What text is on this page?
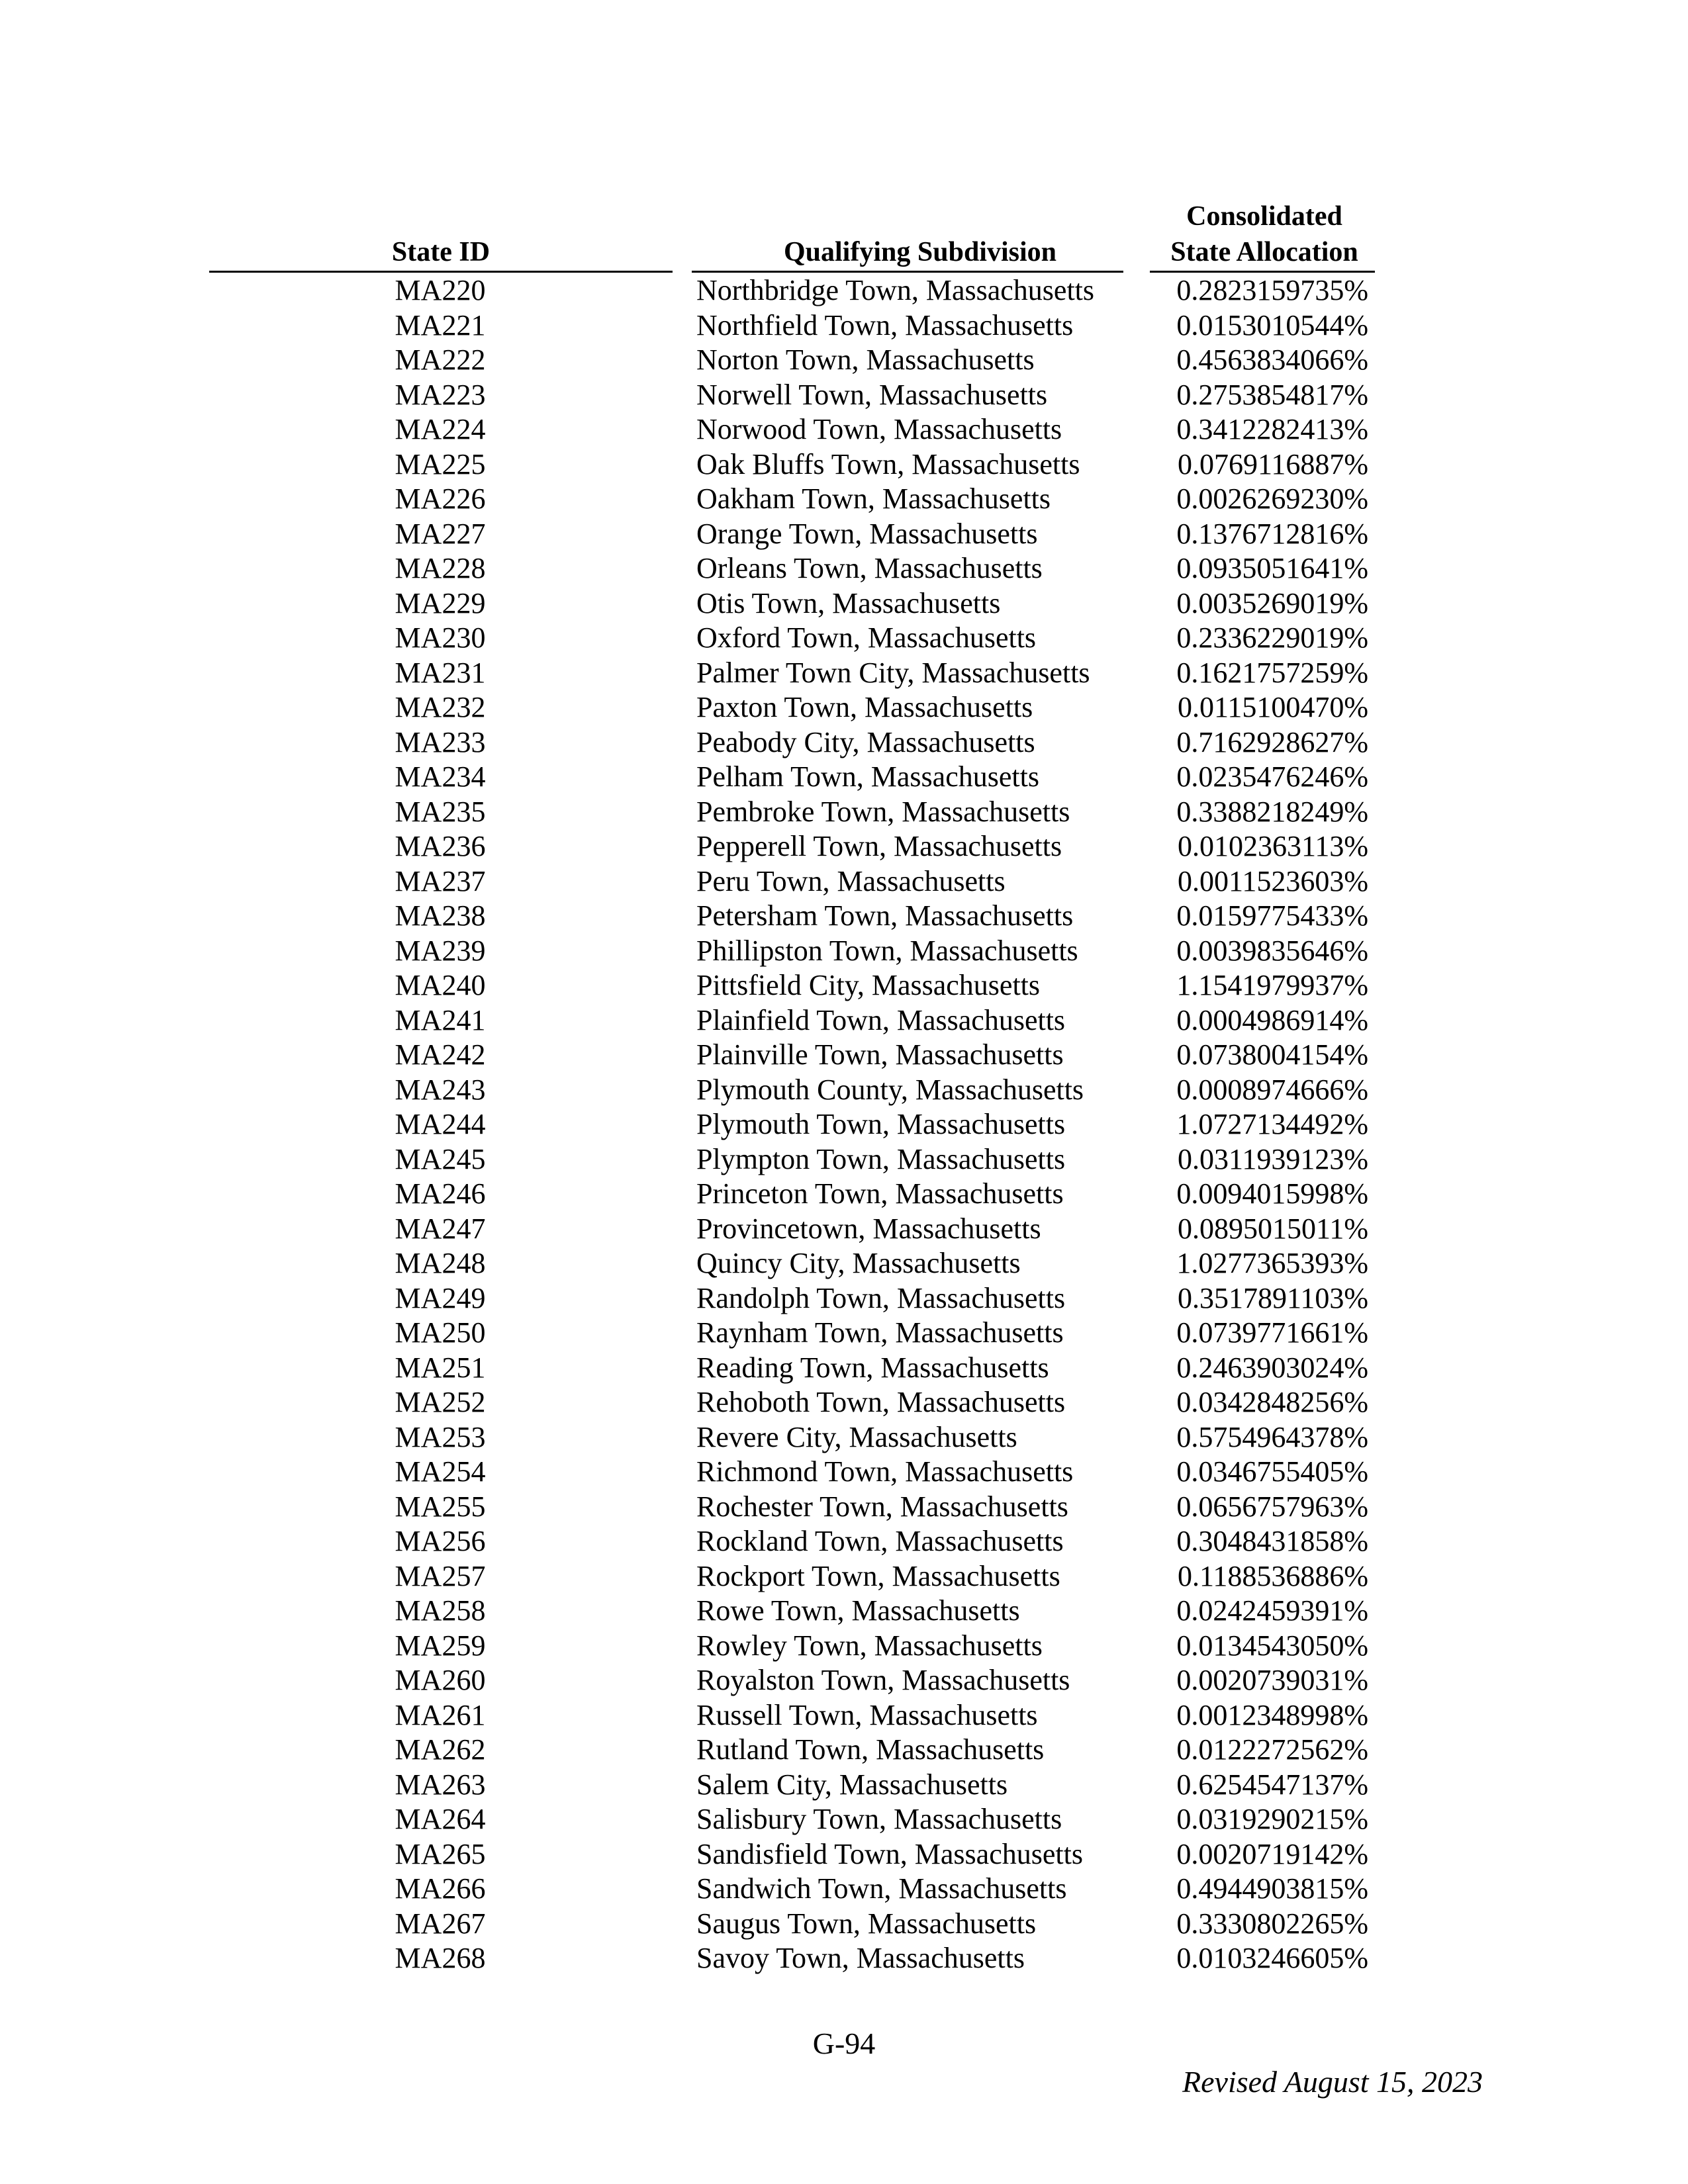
State ID	Qualifying Subdivision
Consolidated
State Allocation
MA220	Northbridge Town, Massachusetts	0.2823159735%
MA221	Northfield Town, Massachusetts	0.0153010544%
MA222	Norton Town, Massachusetts	0.4563834066%
MA223	Norwell Town, Massachusetts	0.2753854817%
MA224	Norwood Town, Massachusetts	0.3412282413%
MA225	Oak Bluffs Town, Massachusetts	0.0769116887%
MA226	Oakham Town, Massachusetts	0.0026269230%
MA227	Orange Town, Massachusetts	0.1376712816%
MA228	Orleans Town, Massachusetts	0.0935051641%
MA229	Otis Town, Massachusetts	0.0035269019%
MA230	Oxford Town, Massachusetts	0.2336229019%
MA231	Palmer Town City, Massachusetts	0.1621757259%
MA232	Paxton Town, Massachusetts	0.0115100470%
MA233	Peabody City, Massachusetts	0.7162928627%
MA234	Pelham Town, Massachusetts	0.0235476246%
MA235	Pembroke Town, Massachusetts	0.3388218249%
MA236	Pepperell Town, Massachusetts	0.0102363113%
MA237	Peru Town, Massachusetts	0.0011523603%
MA238	Petersham Town, Massachusetts	0.0159775433%
MA239	Phillipston Town, Massachusetts	0.0039835646%
MA240	Pittsfield City, Massachusetts	1.1541979937%
MA241	Plainfield Town, Massachusetts	0.0004986914%
MA242	Plainville Town, Massachusetts	0.0738004154%
MA243	Plymouth County, Massachusetts	0.0008974666%
MA244	Plymouth Town, Massachusetts	1.0727134492%
MA245	Plympton Town, Massachusetts	0.0311939123%
MA246	Princeton Town, Massachusetts	0.0094015998%
MA247	Provincetown, Massachusetts	0.0895015011%
MA248	Quincy City, Massachusetts	1.0277365393%
MA249	Randolph Town, Massachusetts	0.3517891103%
MA250	Raynham Town, Massachusetts	0.0739771661%
MA251	Reading Town, Massachusetts	0.2463903024%
MA252	Rehoboth Town, Massachusetts	0.0342848256%
MA253	Revere City, Massachusetts	0.5754964378%
MA254	Richmond Town, Massachusetts	0.0346755405%
MA255	Rochester Town, Massachusetts	0.0656757963%
MA256	Rockland Town, Massachusetts	0.3048431858%
MA257	Rockport Town, Massachusetts	0.1188536886%
MA258	Rowe Town, Massachusetts	0.0242459391%
MA259	Rowley Town, Massachusetts	0.0134543050%
MA260	Royalston Town, Massachusetts	0.0020739031%
MA261	Russell Town, Massachusetts	0.0012348998%
MA262	Rutland Town, Massachusetts	0.0122272562%
MA263	Salem City, Massachusetts	0.6254547137%
MA264	Salisbury Town, Massachusetts	0.0319290215%
MA265	Sandisfield Town, Massachusetts	0.0020719142%
MA266	Sandwich Town, Massachusetts	0.4944903815%
MA267	Saugus Town, Massachusetts	0.3330802265%
MA268	Savoy Town, Massachusetts	0.0103246605%
G-94
Revised August 15, 2023
